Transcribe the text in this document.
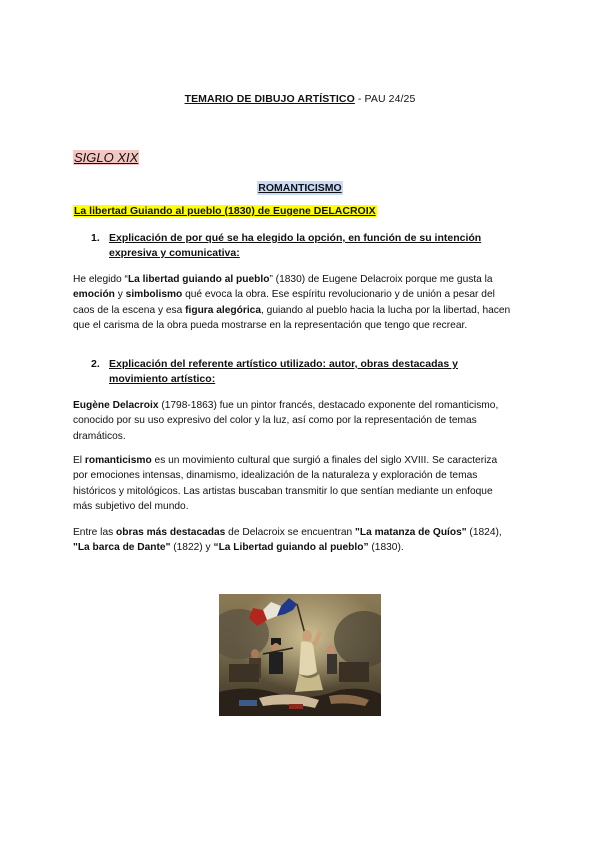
TEMARIO DE DIBUJO ARTÍSTICO - PAU 24/25
SIGLO XIX
ROMANTICISMO
La libertad Guiando al pueblo (1830) de Eugene DELACROIX
1. Explicación de por qué se ha elegido la opción, en función de su intención expresiva y comunicativa:

He elegido “La libertad guiando al pueblo” (1830) de Eugene Delacroix porque me gusta la emoción y simbolismo qué evoca la obra. Ese espíritu revolucionario y de unión a pesar del caos de la escena y esa figura alegórica, guiando al pueblo hacia la lucha por la libertad, hacen que el carisma de la obra pueda mostrarse en la representación que tengo que recrear.

2. Explicación del referente artístico utilizado: autor, obras destacadas y movimiento artístico:

Eugène Delacroix (1798-1863) fue un pintor francés, destacado exponente del romanticismo, conocido por su uso expresivo del color y la luz, así como por la representación de temas dramáticos.

El romanticismo es un movimiento cultural que surgió a finales del siglo XVIII. Se caracteriza por emociones intensas, dinamismo, idealización de la naturaleza y exploración de temas históricos y mitológicos. Las artistas buscaban transmitir lo que sentían mediante un enfoque más subjetivo del mundo.

Entre las obras más destacadas de Delacroix se encuentran "La matanza de Quíos" (1824), "La barca de Dante" (1822) y “La Libertad guiando al pueblo” (1830).
